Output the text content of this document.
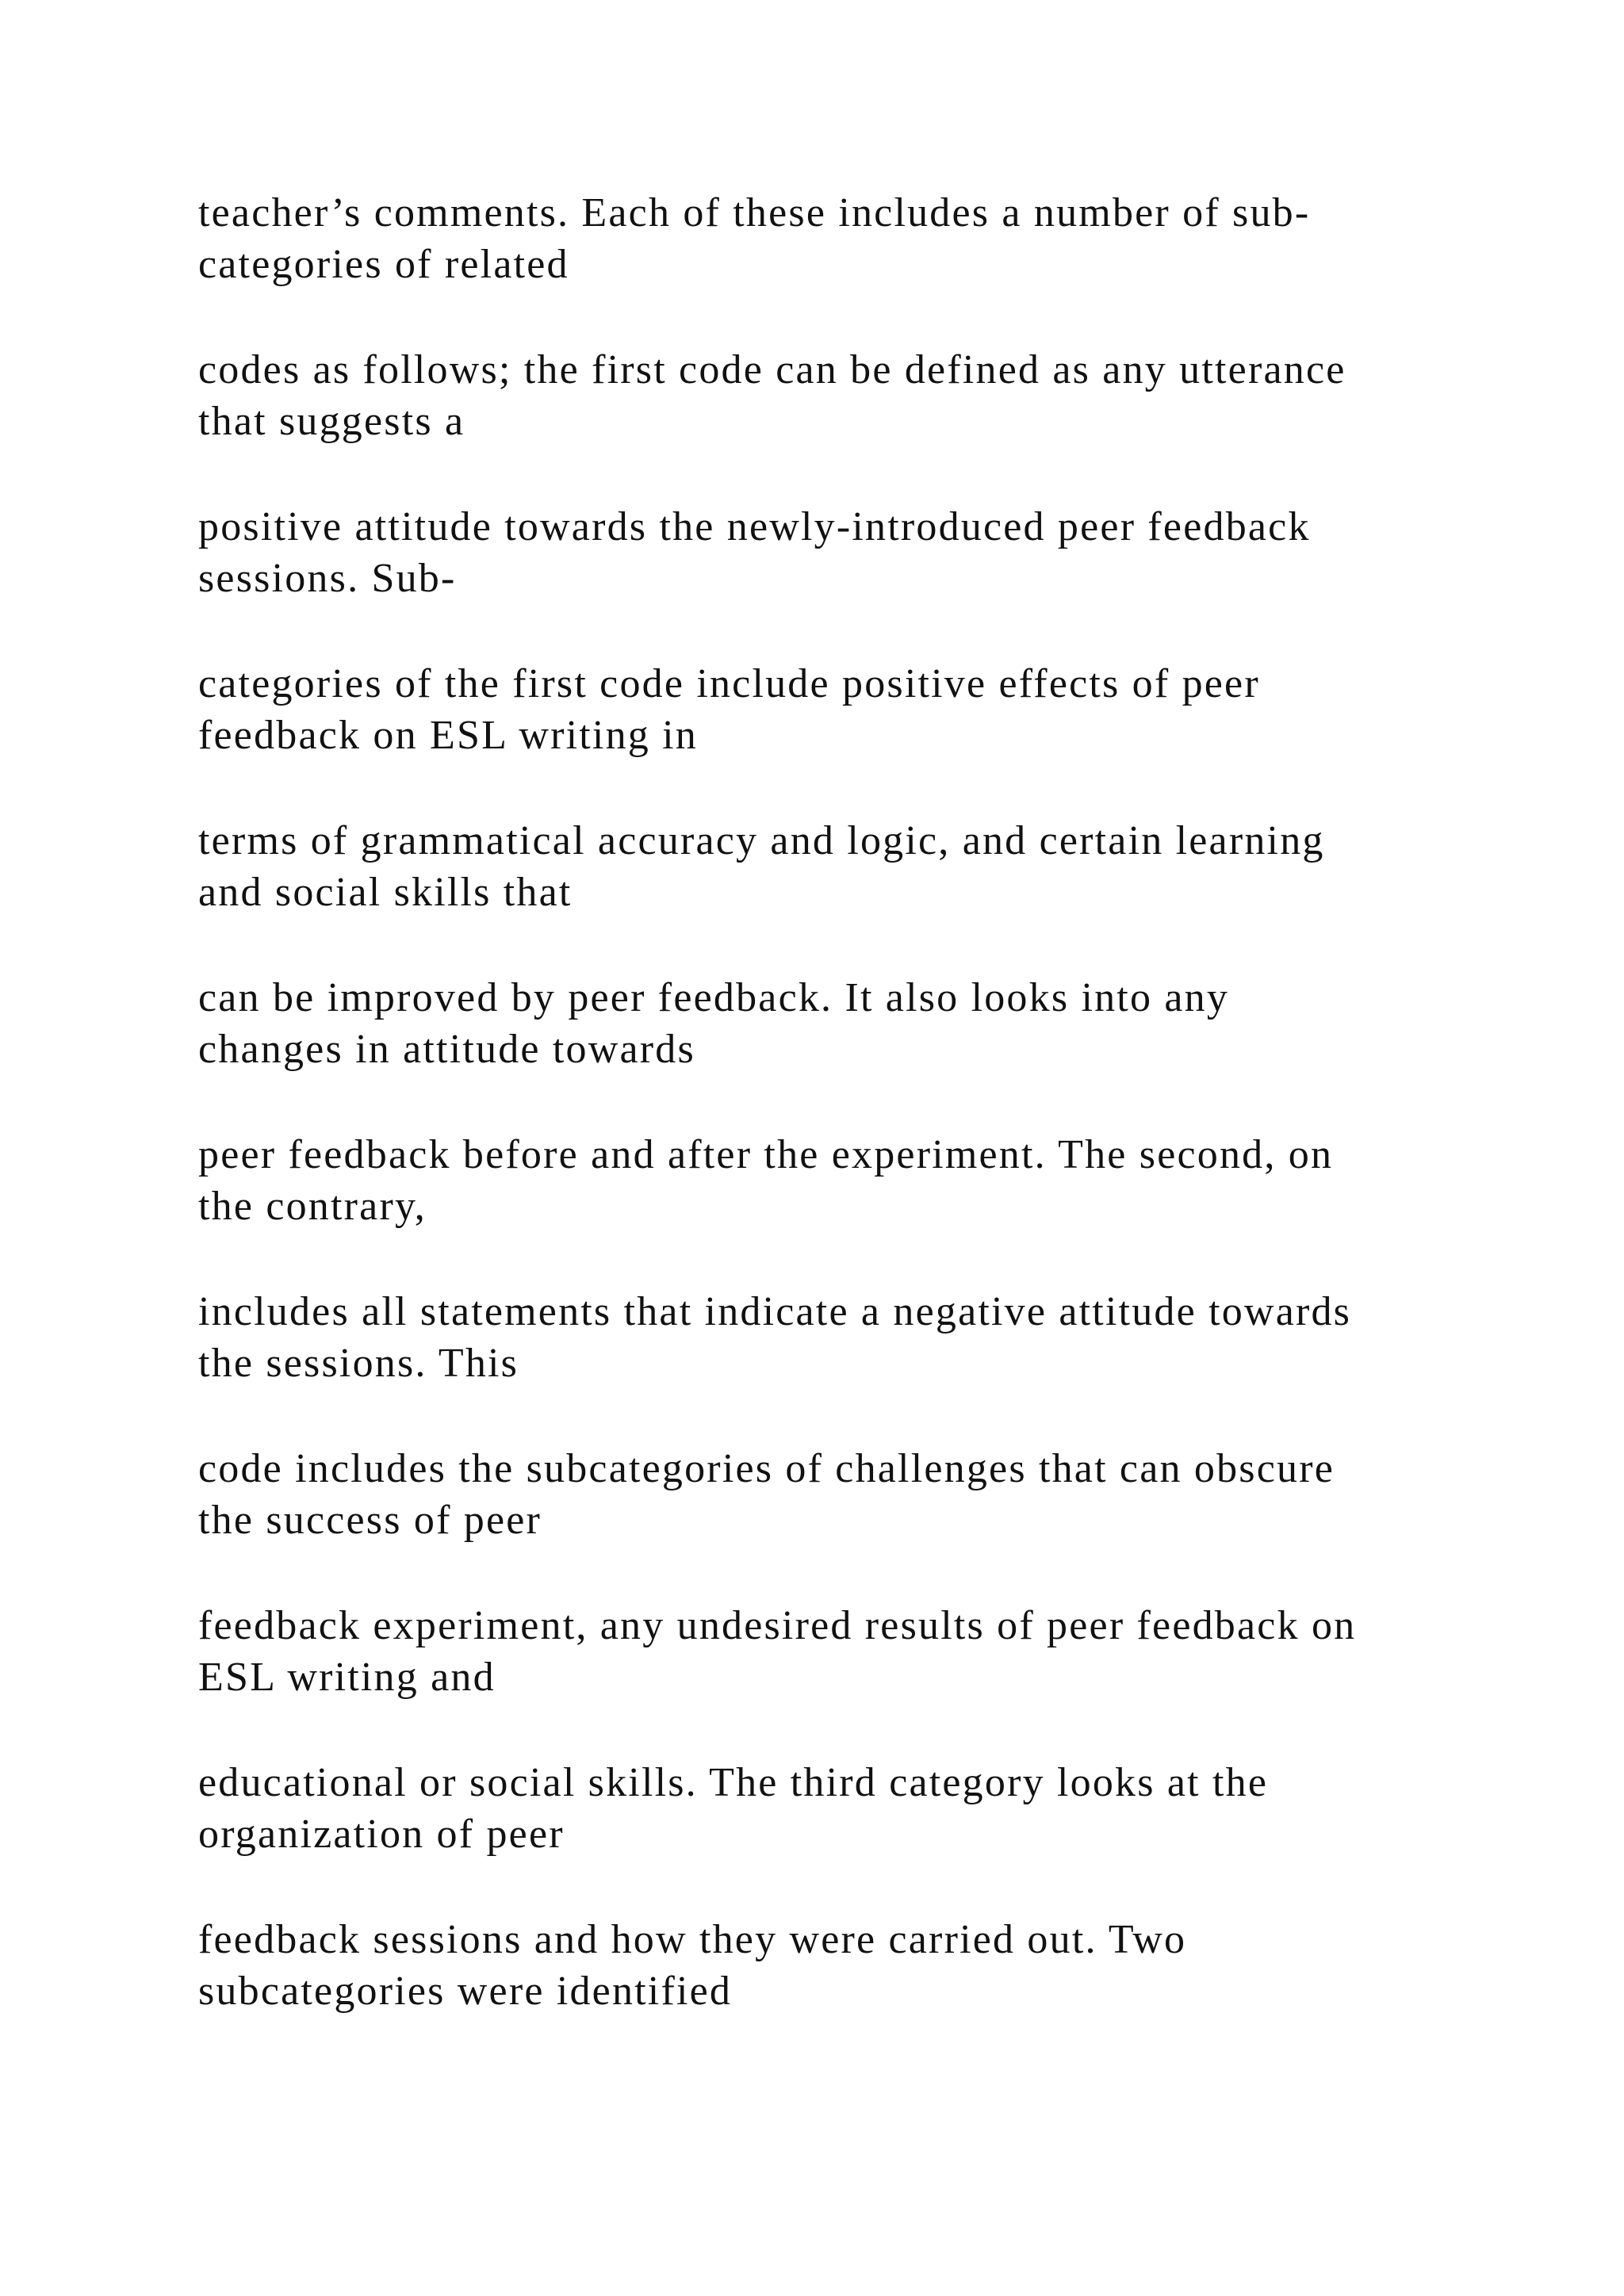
teacher’s comments. Each of these includes a number of sub-
categories of related

codes as follows; the first code can be defined as any utterance
that suggests a

positive attitude towards the newly-introduced peer feedback
sessions. Sub-

categories of the first code include positive effects of peer
feedback on ESL writing in

terms of grammatical accuracy and logic, and certain learning
and social skills that

can be improved by peer feedback. It also looks into any
changes in attitude towards

peer feedback before and after the experiment. The second, on
the contrary,

includes all statements that indicate a negative attitude towards
the sessions. This

code includes the subcategories of challenges that can obscure
the success of peer

feedback experiment, any undesired results of peer feedback on
ESL writing and

educational or social skills. The third category looks at the
organization of peer

feedback sessions and how they were carried out. Two
subcategories were identified
